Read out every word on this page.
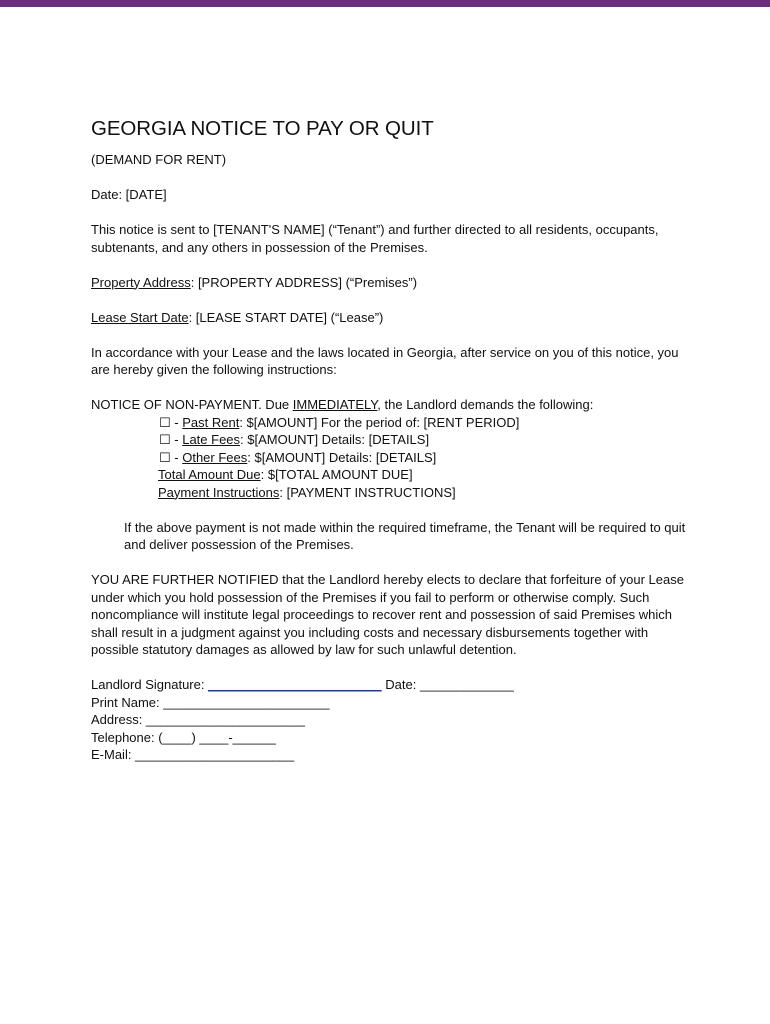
GEORGIA NOTICE TO PAY OR QUIT

(DEMAND FOR RENT)

Date: [DATE]

This notice is sent to [TENANT'S NAME] (“Tenant”) and further directed to all residents, occupants, subtenants, and any others in possession of the Premises.

Property Address: [PROPERTY ADDRESS] (“Premises”)

Lease Start Date: [LEASE START DATE] (“Lease”)

In accordance with your Lease and the laws located in Georgia, after service on you of this notice, you are hereby given the following instructions:

NOTICE OF NON-PAYMENT. Due IMMEDIATELY, the Landlord demands the following:

☐ - Past Rent: $[AMOUNT] For the period of: [RENT PERIOD]

☐ - Late Fees: $[AMOUNT] Details: [DETAILS]

☐ - Other Fees: $[AMOUNT] Details: [DETAILS]

Total Amount Due: $[TOTAL AMOUNT DUE]

Payment Instructions: [PAYMENT INSTRUCTIONS]

If the above payment is not made within the required timeframe, the Tenant will be required to quit and deliver possession of the Premises.

YOU ARE FURTHER NOTIFIED that the Landlord hereby elects to declare that forfeiture of your Lease under which you hold possession of the Premises if you fail to perform or otherwise comply. Such noncompliance will institute legal proceedings to recover rent and possession of said Premises which shall result in a judgment against you including costs and necessary disbursements together with possible statutory damages as allowed by law for such unlawful detention.

Landlord Signature: ________________________ Date: _____________

Print Name: _______________________

Address: ______________________

Telephone: (____) ____-______

E-Mail: ______________________
